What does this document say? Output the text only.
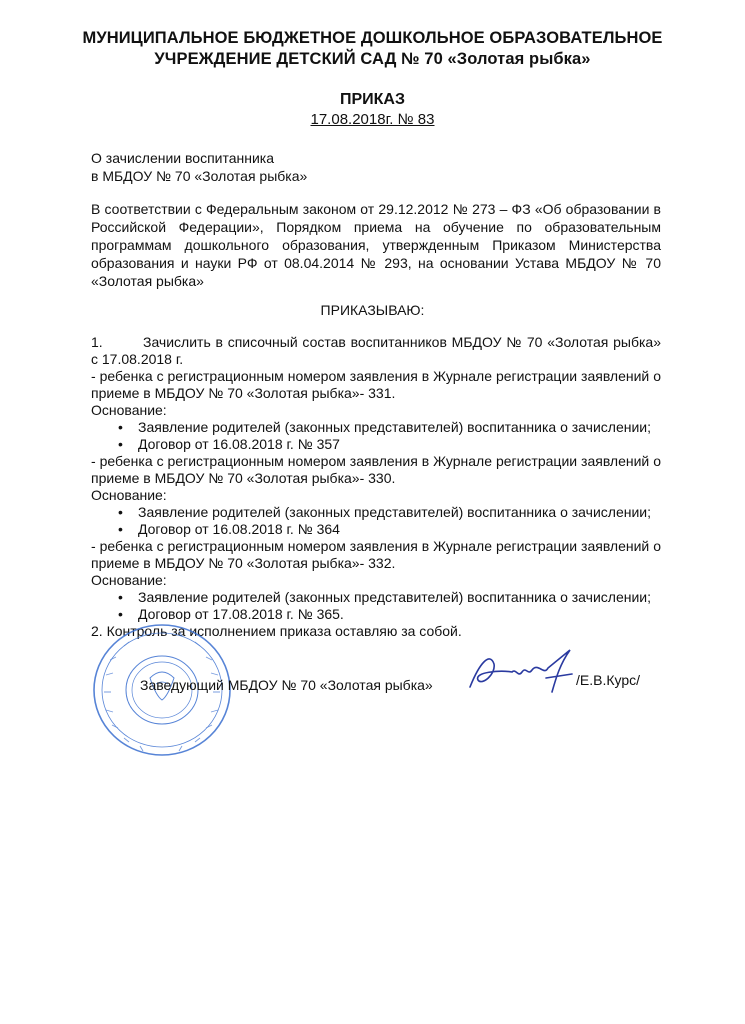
МУНИЦИПАЛЬНОЕ БЮДЖЕТНОЕ ДОШКОЛЬНОЕ ОБРАЗОВАТЕЛЬНОЕ
УЧРЕЖДЕНИЕ ДЕТСКИЙ САД № 70 «Золотая рыбка»
ПРИКАЗ
17.08.2018г. № 83
О зачислении воспитанника
в МБДОУ № 70 «Золотая рыбка»
В соответствии с Федеральным законом от 29.12.2012 № 273 – ФЗ «Об образовании в Российской Федерации», Порядком приема на обучение по образовательным программам дошкольного образования, утвержденным Приказом Министерства образования и науки РФ от 08.04.2014 № 293, на основании Устава МБДОУ № 70 «Золотая рыбка»
ПРИКАЗЫВАЮ:

1.	Зачислить в списочный состав воспитанников МБДОУ № 70 «Золотая рыбка» с 17.08.2018 г.

- ребенка с регистрационным номером заявления в Журнале регистрации заявлений о приеме в МБДОУ № 70 «Золотая рыбка»- 331.

Основание:

• Заявление родителей (законных представителей) воспитанника о зачислении;
• Договор от 16.08.2018 г. № 357

- ребенка с регистрационным номером заявления в Журнале регистрации заявлений о приеме в МБДОУ № 70 «Золотая рыбка»- 330.

Основание:

• Заявление родителей (законных представителей) воспитанника о зачислении;
• Договор от 16.08.2018 г. № 364

- ребенка с регистрационным номером заявления в Журнале регистрации заявлений о приеме в МБДОУ № 70 «Золотая рыбка»- 332.

Основание:

• Заявление родителей (законных представителей) воспитанника о зачислении;
• Договор от 17.08.2018 г. № 365.

2. Контроль за исполнением приказа оставляю за собой.

Заведующий МБДОУ № 70 «Золотая рыбка»	/Е.В.Курс/
